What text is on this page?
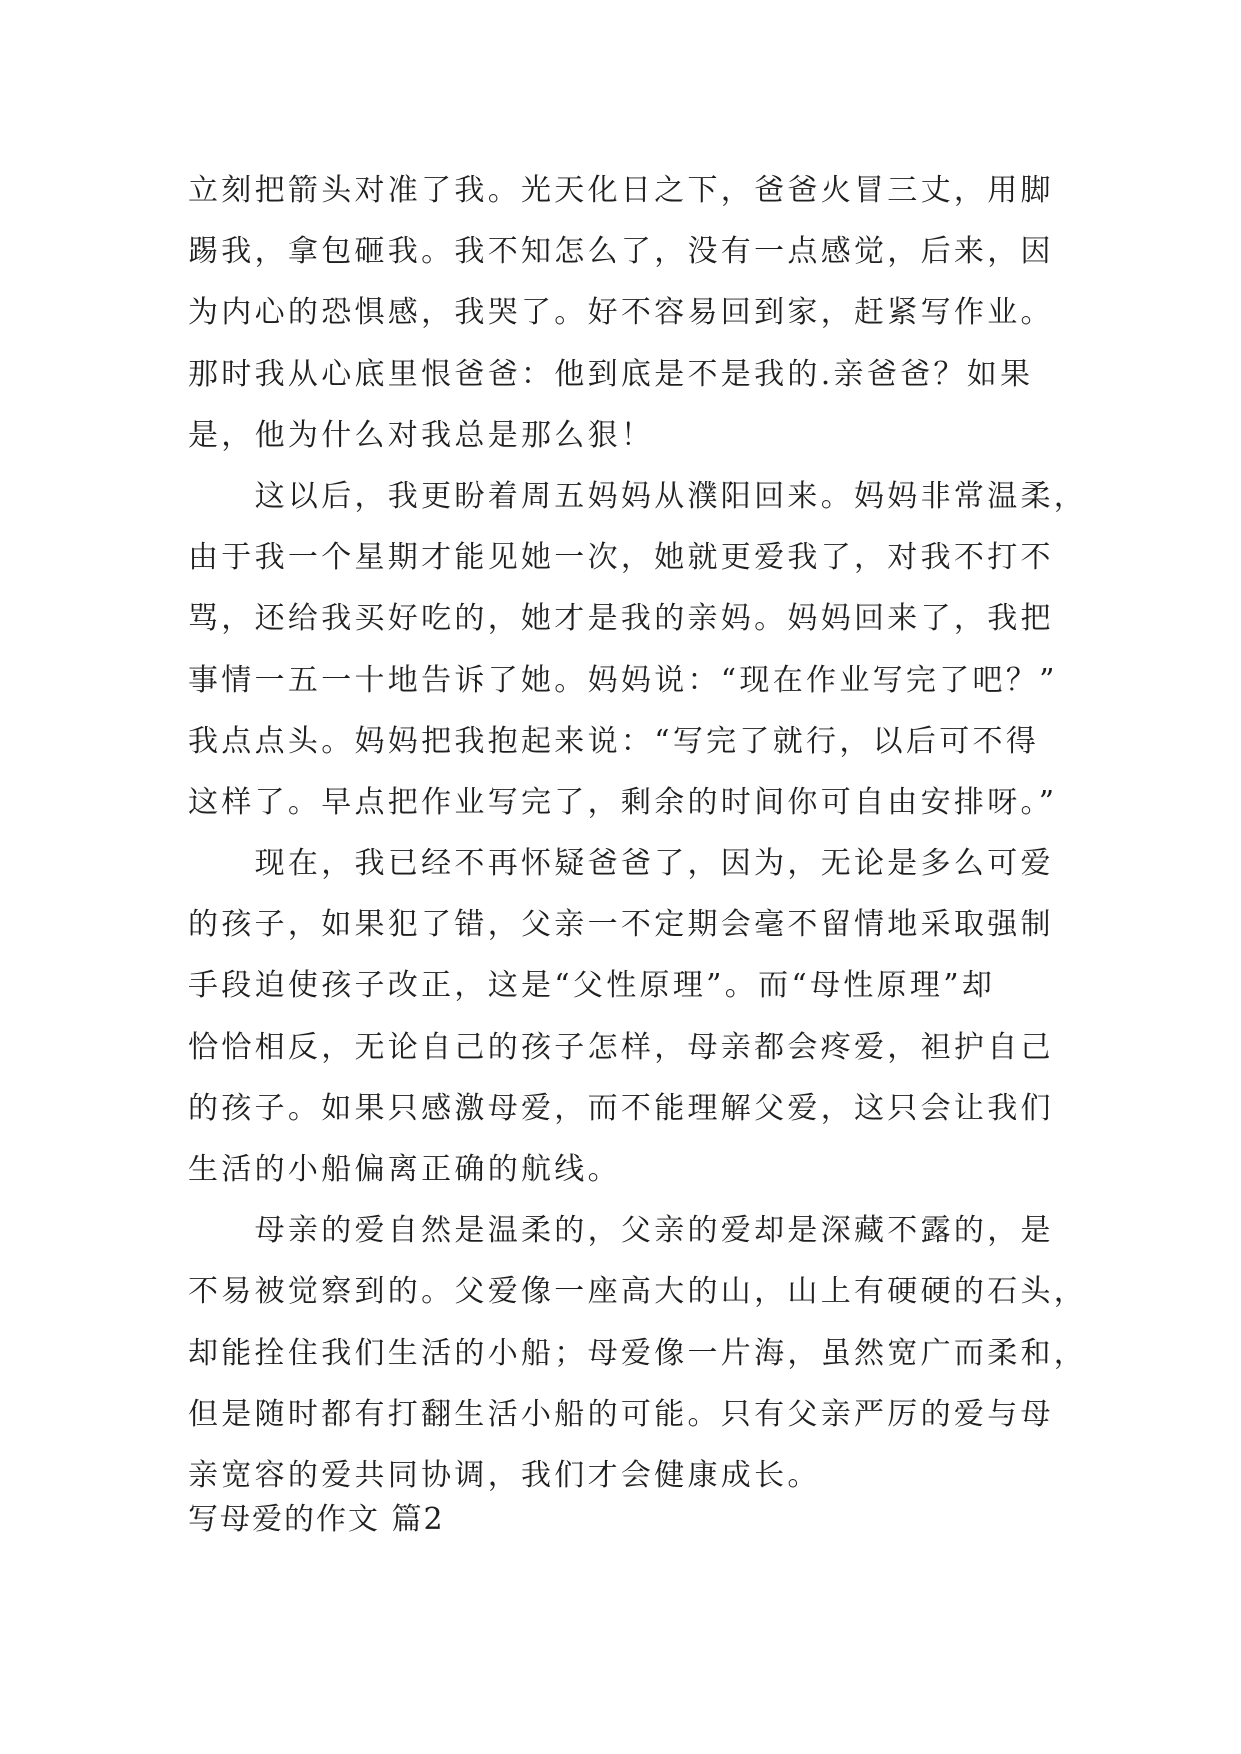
立刻把箭头对准了我。光天化日之下，爸爸火冒三丈，用脚
踢我，拿包砸我。我不知怎么了，没有一点感觉，后来，因
为内心的恐惧感，我哭了。好不容易回到家，赶紧写作业。
那时我从心底里恨爸爸：他到底是不是我的.亲爸爸？如果
是，他为什么对我总是那么狠！
　　这以后，我更盼着周五妈妈从濮阳回来。妈妈非常温柔，
由于我一个星期才能见她一次，她就更爱我了，对我不打不
骂，还给我买好吃的，她才是我的亲妈。妈妈回来了，我把
事情一五一十地告诉了她。妈妈说：“现在作业写完了吧？”
我点点头。妈妈把我抱起来说：“写完了就行，以后可不得
这样了。早点把作业写完了，剩余的时间你可自由安排呀。”
　　现在，我已经不再怀疑爸爸了，因为，无论是多么可爱
的孩子，如果犯了错，父亲一不定期会毫不留情地采取强制
手段迫使孩子改正，这是“父性原理”。而“母性原理”却
恰恰相反，无论自己的孩子怎样，母亲都会疼爱，袒护自己
的孩子。如果只感激母爱，而不能理解父爱，这只会让我们
生活的小船偏离正确的航线。
　　母亲的爱自然是温柔的，父亲的爱却是深藏不露的，是
不易被觉察到的。父爱像一座高大的山，山上有硬硬的石头，
却能拴住我们生活的小船；母爱像一片海，虽然宽广而柔和，
但是随时都有打翻生活小船的可能。只有父亲严厉的爱与母
亲宽容的爱共同协调，我们才会健康成长。
写母爱的作文 篇2
